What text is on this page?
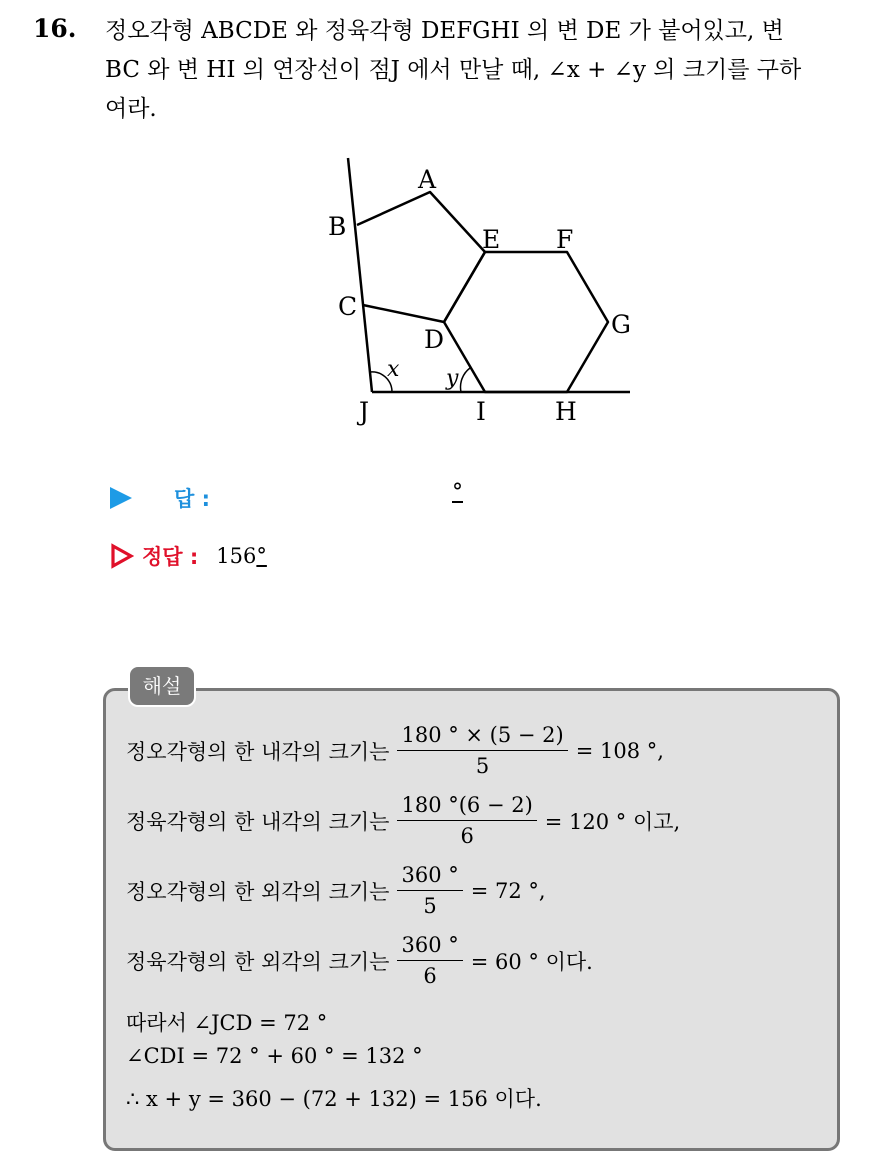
16. 정오각형 ABCDE 와 정육각형 DEFGHI 의 변 DE 가 붙어있고, 변
BC 와 변 HI 의 연장선이 점J 에서 만날 때, ∠x + ∠y 의 크기를 구하
여라.
A
B
C
D
E F
G
H
I
J
x y
답 :	°
정답 : 156°
해설
정오각형의 한 내각의 크기는 $\frac{180 ^\circ \times (5 - 2)}{5} = 108$ °,
정육각형의 한 내각의 크기는 $\frac{180 ^\circ(6 - 2)}{6} = 120$ ° 이고,
정오각형의 한 외각의 크기는 $\frac{360 ^\circ}{5} = 72$ °,
정육각형의 한 외각의 크기는 $\frac{360 ^\circ}{6} = 60$ ° 이다.
따라서 ∠JCD = 72 °
∠CDI = 72 ° + 60 ° = 132 °
∴ x + y = 360 − (72 + 132) = 156 이다.
